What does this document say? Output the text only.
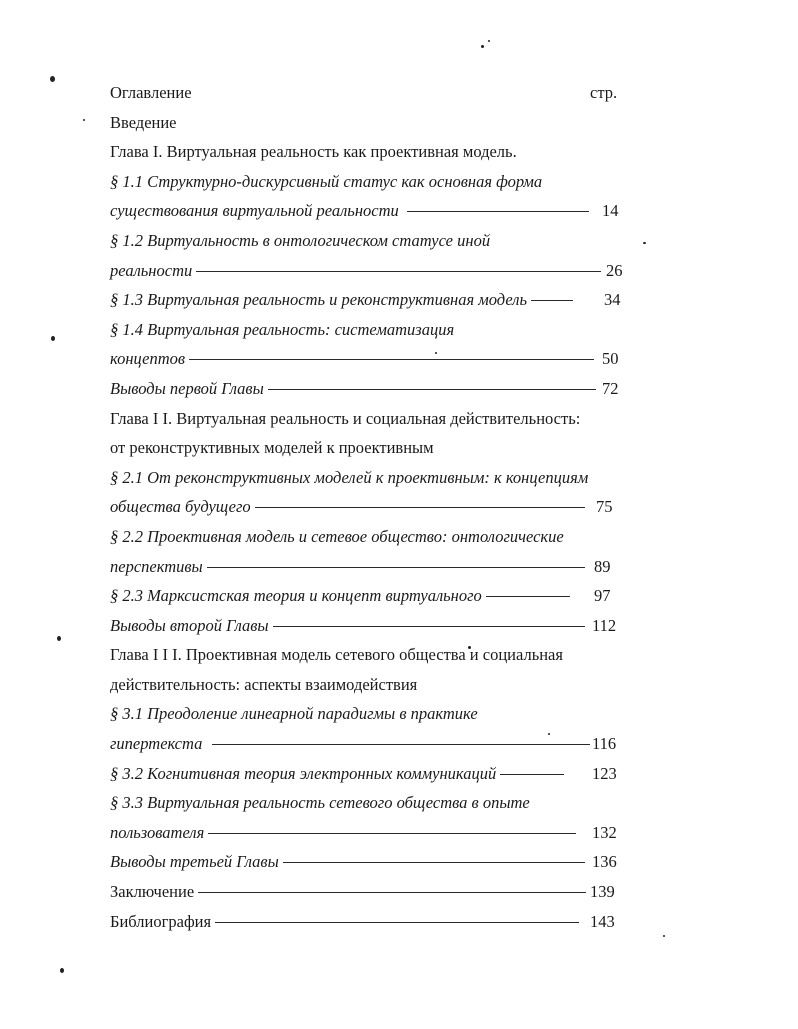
Оглавление	стр.
Введение
Глава I. Виртуальная реальность как проективная модель.
§ 1.1 Структурно-дискурсивный статус как основная форма
существования виртуальной реальности	14
§ 1.2 Виртуальность в онтологическом статусе иной
реальности	26
§ 1.3 Виртуальная реальность и реконструктивная модель	34
§ 1.4 Виртуальная реальность: систематизация
концептов	50
Выводы первой Главы	72
Глава I I. Виртуальная реальность и социальная действительность:
от реконструктивных моделей к проективным
§ 2.1 От реконструктивных моделей к проективным: к концепциям
общества будущего	75
§ 2.2 Проективная модель и сетевое общество: онтологические
перспективы	89
§ 2.3 Марксистская теория и концепт виртуального	97
Выводы второй Главы	112
Глава I I I. Проективная модель сетевого общества и социальная
действительность: аспекты взаимодействия
§ 3.1 Преодоление линеарной парадигмы в практике
гипертекста	116
§ 3.2 Когнитивная теория электронных коммуникаций	123
§ 3.3 Виртуальная реальность сетевого общества в опыте
пользователя	132
Выводы третьей Главы	136
Заключение	139
Библиография	143
